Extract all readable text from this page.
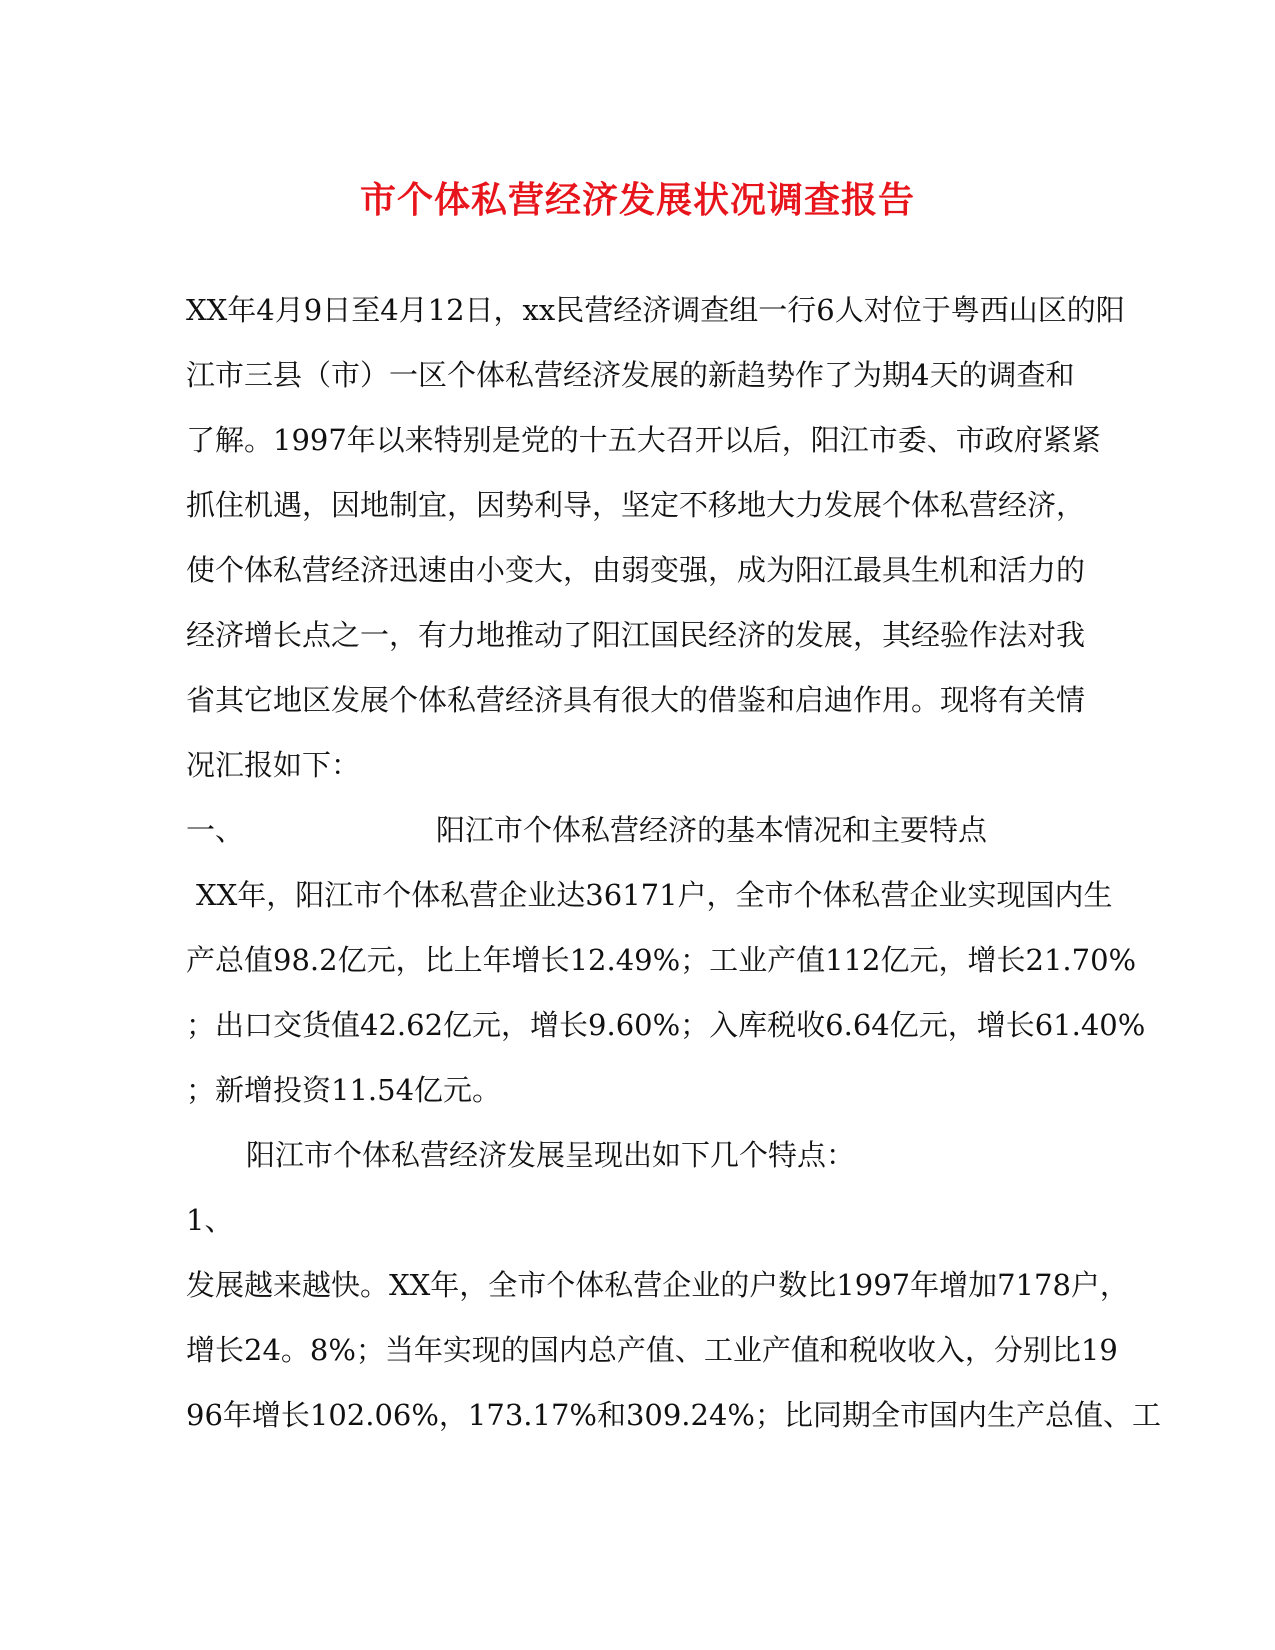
市个体私营经济发展状况调查报告
XX年4月9日至4月12日，xx民营经济调查组一行6人对位于粤西山区的阳
江市三县（市）一区个体私营经济发展的新趋势作了为期4天的调查和
了解。1997年以来特别是党的十五大召开以后，阳江市委、市政府紧紧
抓住机遇，因地制宜，因势利导，坚定不移地大力发展个体私营经济，
使个体私营经济迅速由小变大，由弱变强，成为阳江最具生机和活力的
经济增长点之一，有力地推动了阳江国民经济的发展，其经验作法对我
省其它地区发展个体私营经济具有很大的借鉴和启迪作用。现将有关情
况汇报如下：
一、	阳江市个体私营经济的基本情况和主要特点
XX年，阳江市个体私营企业达36171户，全市个体私营企业实现国内生
产总值98.2亿元，比上年增长12.49%；工业产值112亿元，增长21.70%
；出口交货值42.62亿元，增长9.60%；入库税收6.64亿元，增长61.40%
；新增投资11.54亿元。
阳江市个体私营经济发展呈现出如下几个特点：
1、
发展越来越快。XX年，全市个体私营企业的户数比1997年增加7178户，
增长24。8%；当年实现的国内总产值、工业产值和税收收入，分别比19
96年增长102.06%，173.17%和309.24%；比同期全市国内生产总值、工
